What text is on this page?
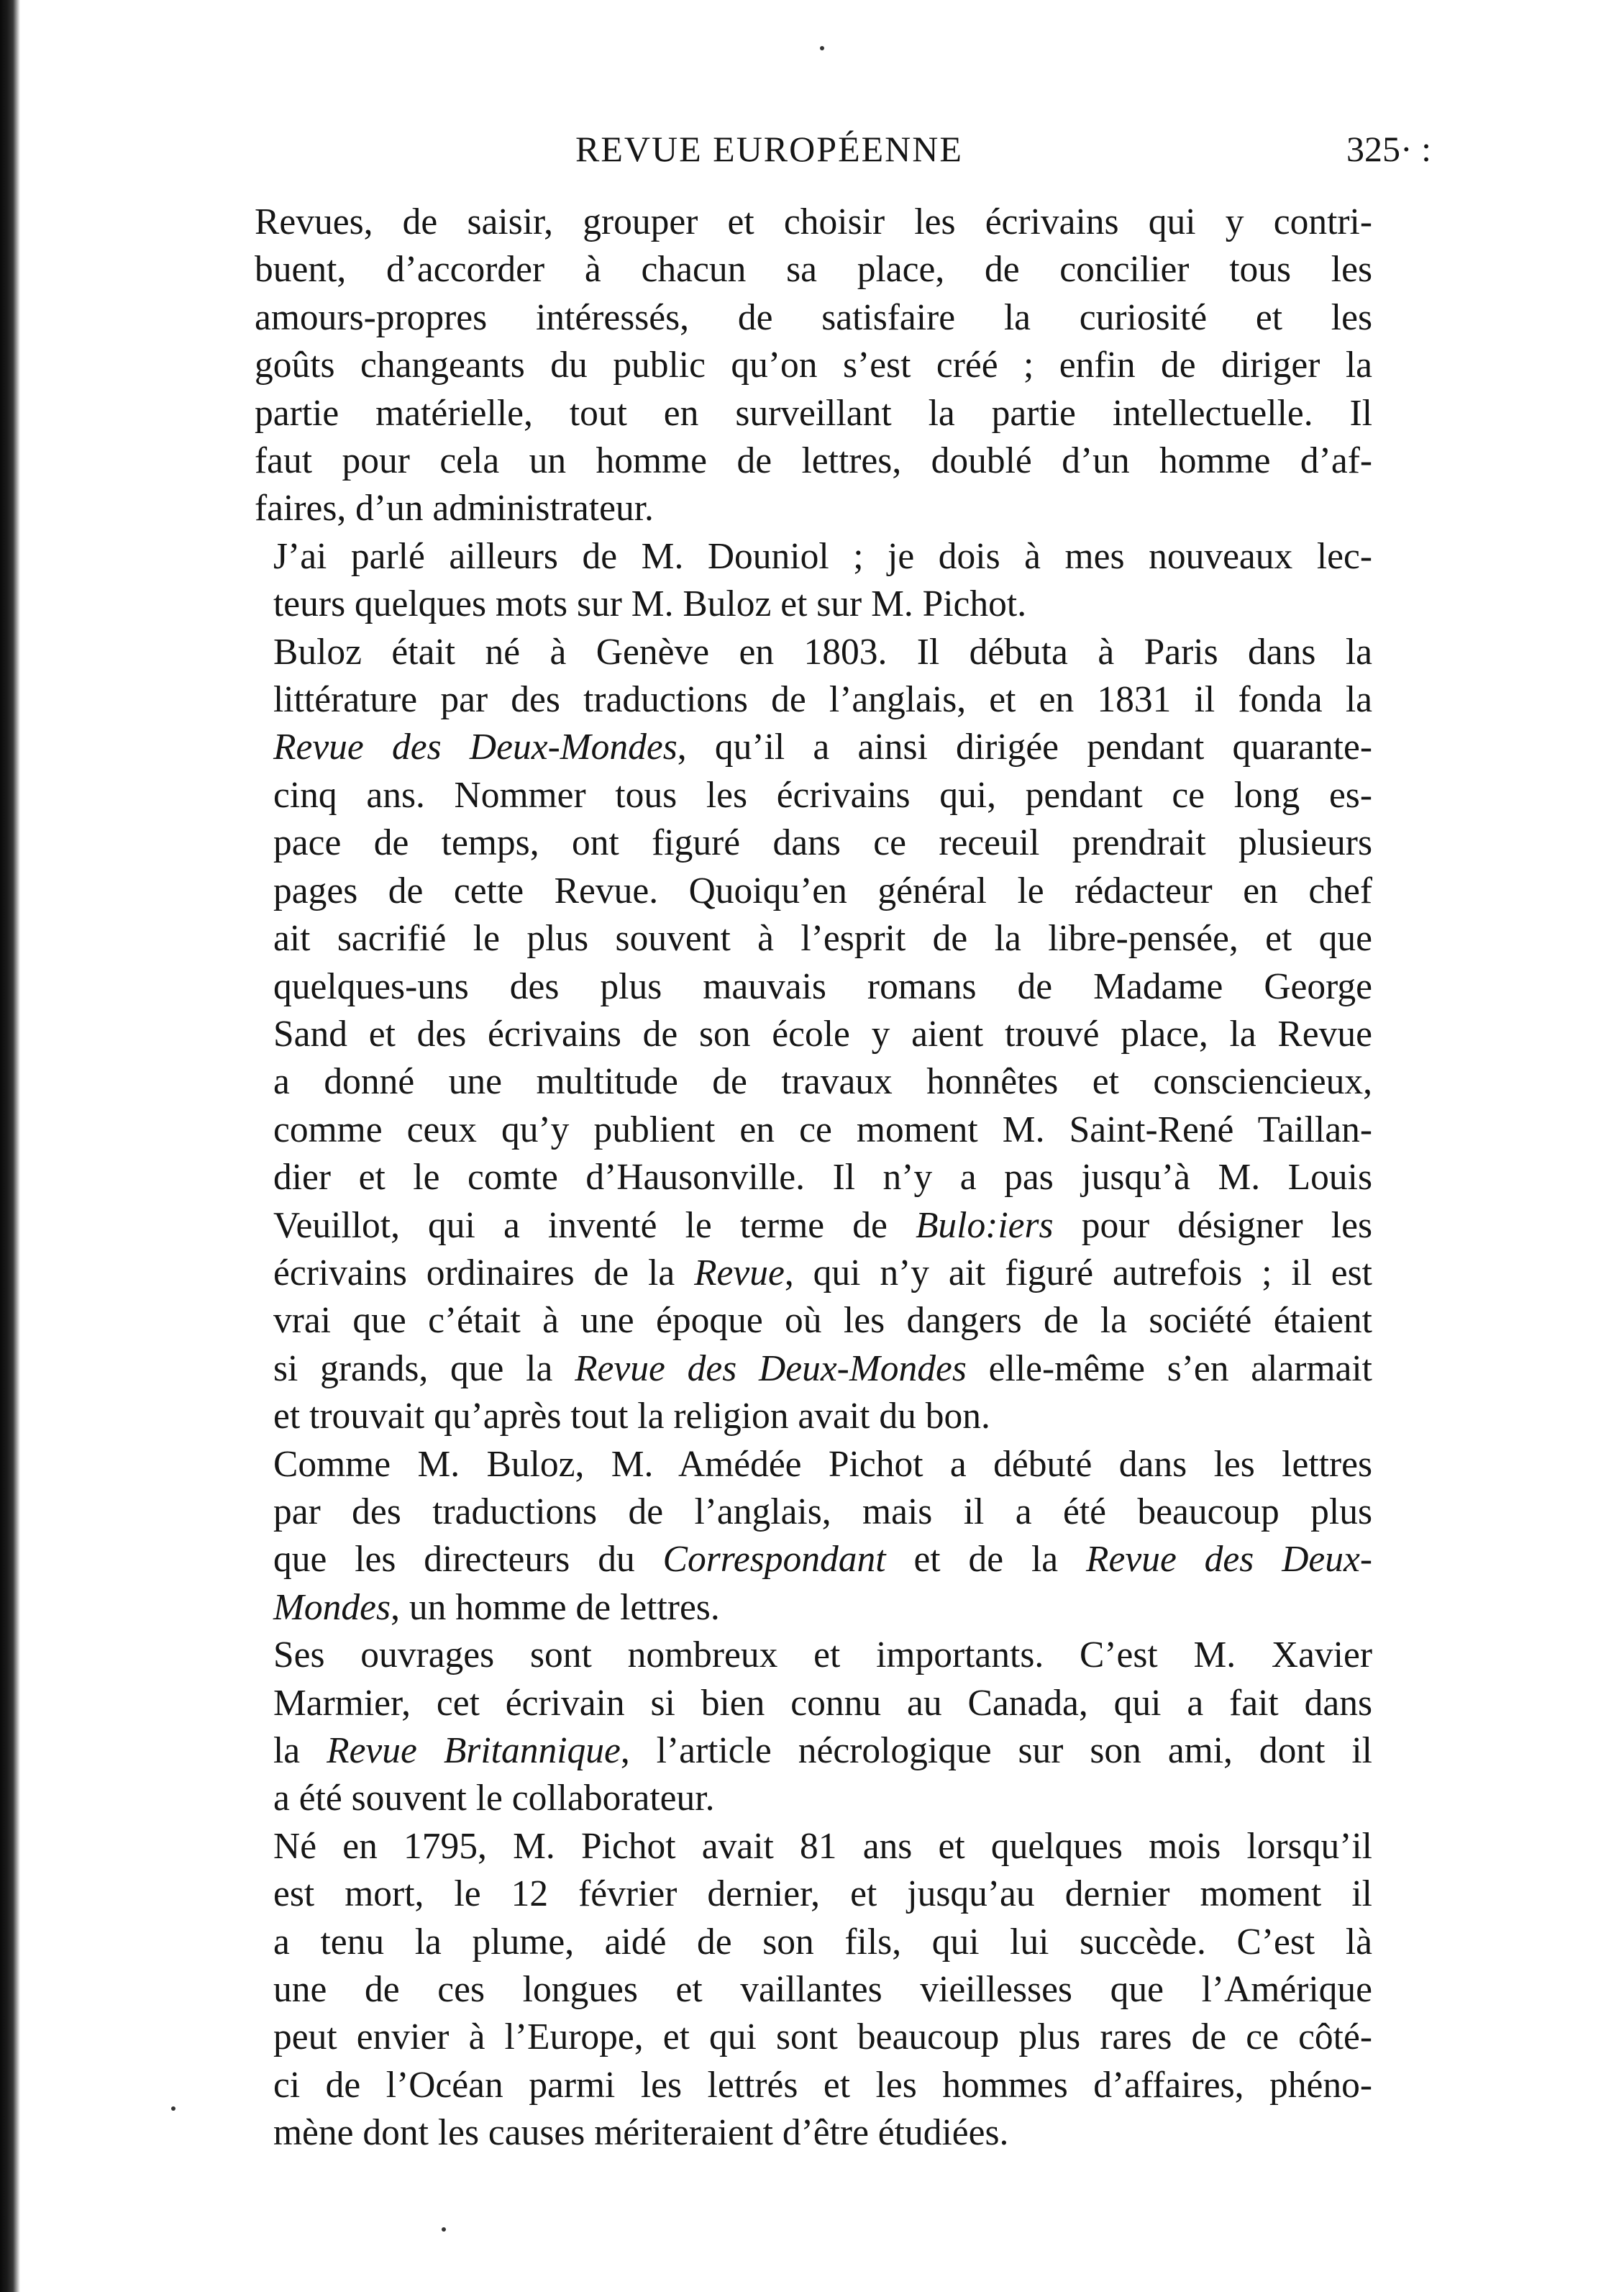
REVUE EUROPÉENNE	325· :

Revues, de saisir, grouper et choisir les écrivains qui y contri-
buent, d’accorder à chacun sa place, de concilier tous les
amours-propres intéressés, de satisfaire la curiosité et les
goûts changeants du public qu’on s’est créé ; enfin de diriger la
partie matérielle, tout en surveillant la partie intellectuelle. Il
faut pour cela un homme de lettres, doublé d’un homme d’af-
faires, d’un administrateur.

J’ai parlé ailleurs de M. Douniol ; je dois à mes nouveaux lec-
teurs quelques mots sur M. Buloz et sur M. Pichot.

Buloz était né à Genève en 1803. Il débuta à Paris dans la
littérature par des traductions de l’anglais, et en 1831 il fonda la
Revue des Deux-Mondes, qu’il a ainsi dirigée pendant quarante-
cinq ans. Nommer tous les écrivains qui, pendant ce long es-
pace de temps, ont figuré dans ce receuil prendrait plusieurs
pages de cette Revue. Quoiqu’en général le rédacteur en chef
ait sacrifié le plus souvent à l’esprit de la libre-pensée, et que
quelques-uns des plus mauvais romans de Madame George
Sand et des écrivains de son école y aient trouvé place, la Revue
a donné une multitude de travaux honnêtes et consciencieux,
comme ceux qu’y publient en ce moment M. Saint-René Taillan-
dier et le comte d’Hausonville. Il n’y a pas jusqu’à M. Louis
Veuillot, qui a inventé le terme de Bulo:iers pour désigner les
écrivains ordinaires de la Revue, qui n’y ait figuré autrefois ; il est
vrai que c’était à une époque où les dangers de la société étaient
si grands, que la Revue des Deux-Mondes elle-même s’en alarmait
et trouvait qu’après tout la religion avait du bon.

Comme M. Buloz, M. Amédée Pichot a débuté dans les lettres
par des traductions de l’anglais, mais il a été beaucoup plus
que les directeurs du Correspondant et de la Revue des Deux-
Mondes, un homme de lettres.

Ses ouvrages sont nombreux et importants. C’est M. Xavier
Marmier, cet écrivain si bien connu au Canada, qui a fait dans
la Revue Britannique, l’article nécrologique sur son ami, dont il
a été souvent le collaborateur.

Né en 1795, M. Pichot avait 81 ans et quelques mois lorsqu’il
est mort, le 12 février dernier, et jusqu’au dernier moment il
a tenu la plume, aidé de son fils, qui lui succède. C’est là
une de ces longues et vaillantes vieillesses que l’Amérique
peut envier à l’Europe, et qui sont beaucoup plus rares de ce côté-
ci de l’Océan parmi les lettrés et les hommes d’affaires, phéno-
mène dont les causes mériteraient d’être étudiées.
